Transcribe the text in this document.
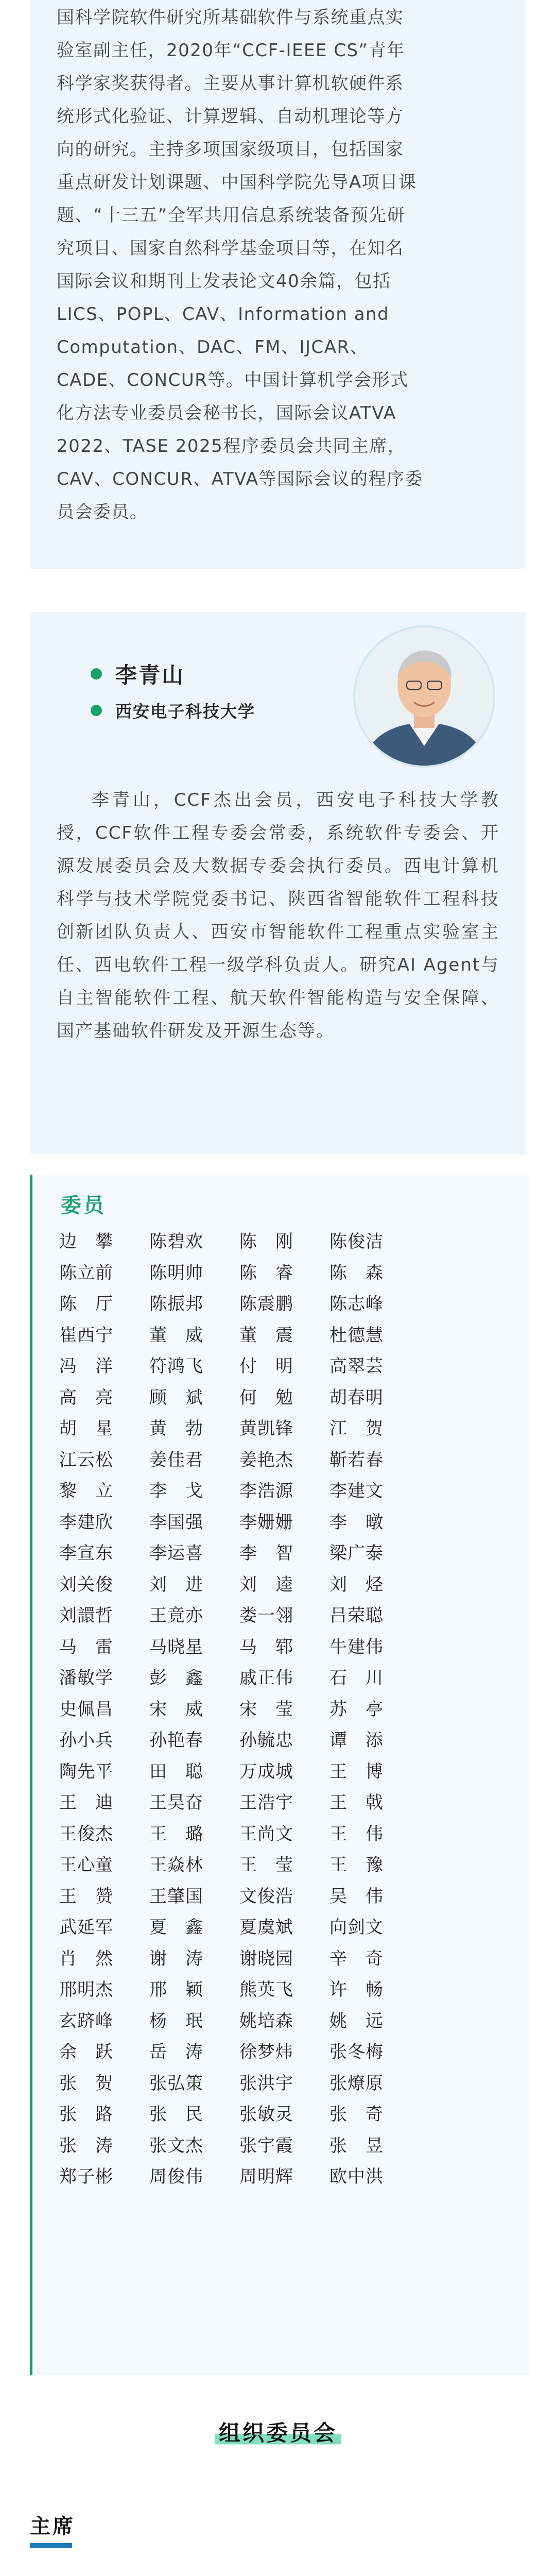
国科学院软件研究所基础软件与系统重点实
验室副主任，2020年“CCF-IEEE CS”青年
科学家奖获得者。主要从事计算机软硬件系
统形式化验证、计算逻辑、自动机理论等方
向的研究。主持多项国家级项目，包括国家
重点研发计划课题、中国科学院先导A项目课
题、“十三五”全军共用信息系统装备预先研
究项目、国家自然科学基金项目等，在知名
国际会议和期刊上发表论文40余篇，包括
LICS、POPL、CAV、Information and
Computation、DAC、FM、IJCAR、
CADE、CONCUR等。中国计算机学会形式
化方法专业委员会秘书长，国际会议ATVA
2022、TASE 2025程序委员会共同主席，
CAV、CONCUR、ATVA等国际会议的程序委
员会委员。
李青山
西安电子科技大学

李青山，CCF杰出会员，西安电子科技大学教授，CCF软件工程专委会常委，系统软件专委会、开源发展委员会及大数据专委会执行委员。西电计算机科学与技术学院党委书记、陕西省智能软件工程科技创新团队负责人、西安市智能软件工程重点实验室主任、西电软件工程一级学科负责人。研究AI Agent与自主智能软件工程、航天软件智能构造与安全保障、国产基础软件研发及开源生态等。

委员
边　攀	陈碧欢	陈　刚	陈俊洁
陈立前	陈明帅	陈　睿	陈　森
陈　厅	陈振邦	陈震鹏	陈志峰
崔西宁	董　威	董　震	杜德慧
冯　洋	符鸿飞	付　明	高翠芸
高　亮	顾　斌	何　勉	胡春明
胡　星	黄　勃	黄凯锋	江　贺
江云松	姜佳君	姜艳杰	靳若春
黎　立	李　戈	李浩源	李建文
李建欣	李国强	李姗姗	李　暾
李宣东	李运喜	李　智	梁广泰
刘关俊	刘　进	刘　逵	刘　烃
刘譞哲	王竟亦	娄一翎	吕荣聪
马　雷	马晓星	马　郓	牛建伟
潘敏学	彭　鑫	戚正伟	石　川
史佩昌	宋　威	宋　莹	苏　亭
孙小兵	孙艳春	孙毓忠	谭　添
陶先平	田　聪	万成城	王　博
王　迪	王昊奋	王浩宇	王　戟
王俊杰	王　璐	王尚文	王　伟
王心童	王焱林	王　莹	王　豫
王　赞	王肇国	文俊浩	吴　伟
武延军	夏　鑫	夏虞斌	向剑文
肖　然	谢　涛	谢晓园	辛　奇
邢明杰	邢　颖	熊英飞	许　畅
玄跻峰	杨　珉	姚培森	姚　远
余　跃	岳　涛	徐梦炜	张冬梅
张　贺	张弘策	张洪宇	张燎原
张　路	张　民	张敏灵	张　奇
张　涛	张文杰	张宇霞	张　昱
郑子彬	周俊伟	周明辉	欧中洪
组织委员会
主席
